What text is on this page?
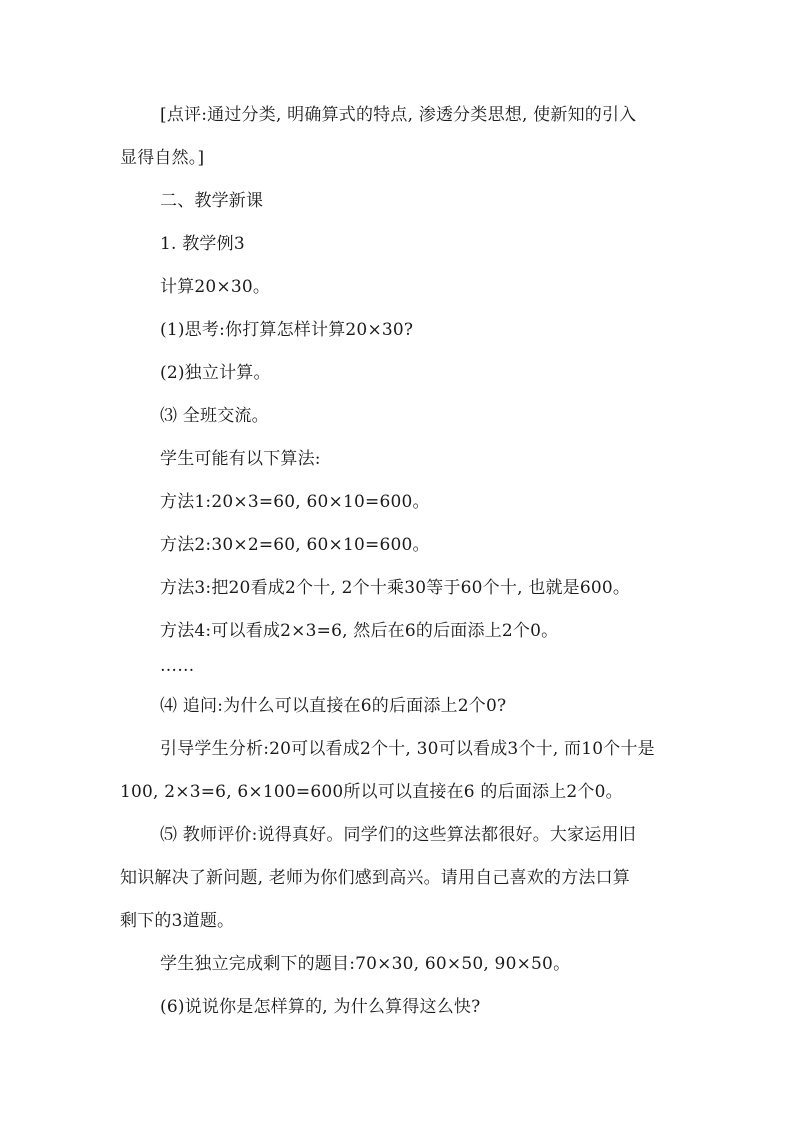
[点评:通过分类, 明确算式的特点, 渗透分类思想, 使新知的引入
显得自然。]
二、教学新课
1. 教学例3
计算20×30。
(1)思考:你打算怎样计算20×30?
(2)独立计算。
⑶ 全班交流。
学生可能有以下算法:
方法1:20×3=60, 60×10=600。
方法2:30×2=60, 60×10=600。
方法3:把20看成2个十, 2个十乘30等于60个十, 也就是600。
方法4:可以看成2×3=6, 然后在6的后面添上2个0。
……
⑷ 追问:为什么可以直接在6的后面添上2个0?
引导学生分析:20可以看成2个十, 30可以看成3个十, 而10个十是
100, 2×3=6, 6×100=600所以可以直接在6 的后面添上2个0。
⑸ 教师评价:说得真好。同学们的这些算法都很好。大家运用旧
知识解决了新问题, 老师为你们感到高兴。请用自己喜欢的方法口算
剩下的3道题。
学生独立完成剩下的题目:70×30, 60×50, 90×50。
(6)说说你是怎样算的, 为什么算得这么快?
